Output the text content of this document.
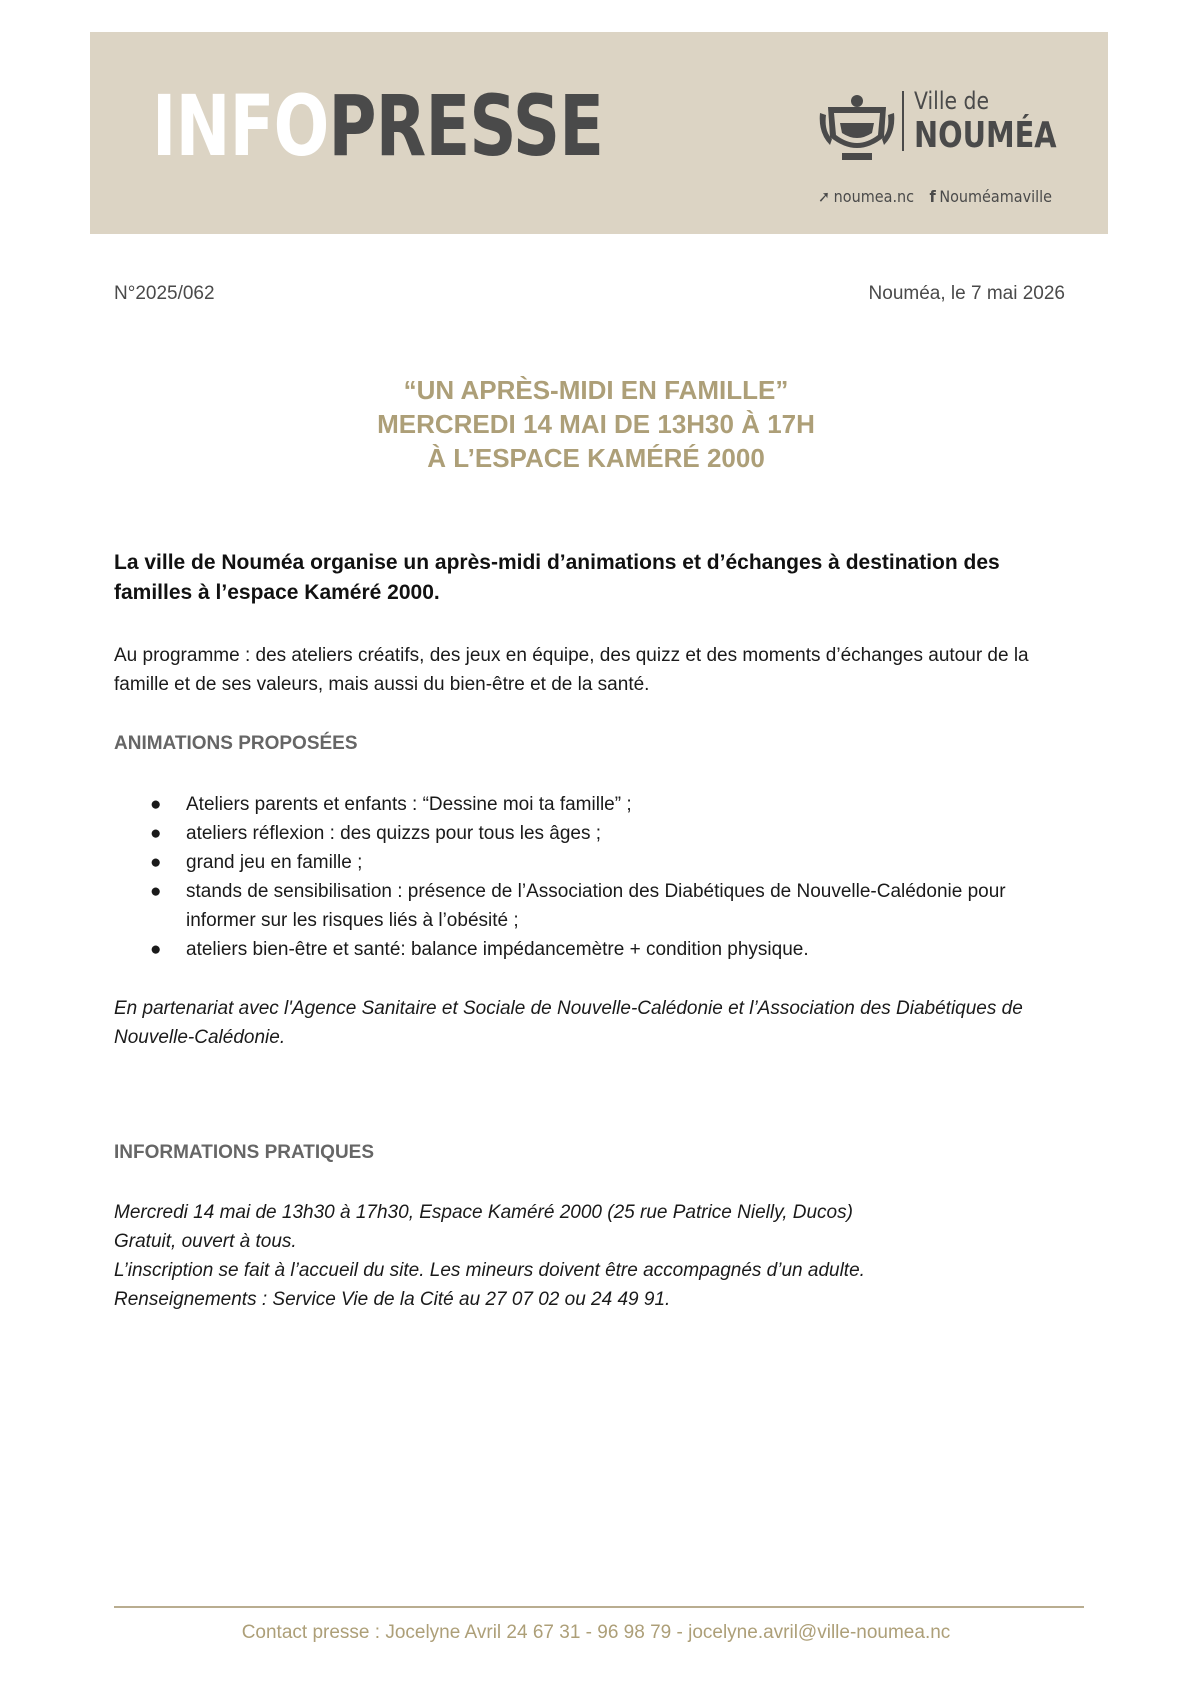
INFOPRESSE	Ville de
NOUMÉA
➚ noumea.nc f Nouméamaville
N°2025/062	Nouméa, le 7 mai 2026
“UN APRÈS-MIDI EN FAMILLE”
MERCREDI 14 MAI DE 13H30 À 17H
À L’ESPACE KAMÉRÉ 2000
La ville de Nouméa organise un après-midi d’animations et d’échanges à destination des familles à l’espace Kaméré 2000.
Au programme : des ateliers créatifs, des jeux en équipe, des quizz et des moments d’échanges autour de la famille et de ses valeurs, mais aussi du bien-être et de la santé.
ANIMATIONS PROPOSÉES
● Ateliers parents et enfants : “Dessine moi ta famille” ;
● ateliers réflexion : des quizzs pour tous les âges ;
● grand jeu en famille ;
● stands de sensibilisation : présence de l’Association des Diabétiques de Nouvelle-Calédonie pour informer sur les risques liés à l’obésité ;
● ateliers bien-être et santé: balance impédancemètre + condition physique.
En partenariat avec l'Agence Sanitaire et Sociale de Nouvelle-Calédonie et l’Association des Diabétiques de Nouvelle-Calédonie.
INFORMATIONS PRATIQUES
Mercredi 14 mai de 13h30 à 17h30, Espace Kaméré 2000 (25 rue Patrice Nielly, Ducos)
Gratuit, ouvert à tous.
L’inscription se fait à l’accueil du site. Les mineurs doivent être accompagnés d’un adulte.
Renseignements : Service Vie de la Cité au 27 07 02 ou 24 49 91.
Contact presse : Jocelyne Avril 24 67 31 - 96 98 79 - jocelyne.avril@ville-noumea.nc
